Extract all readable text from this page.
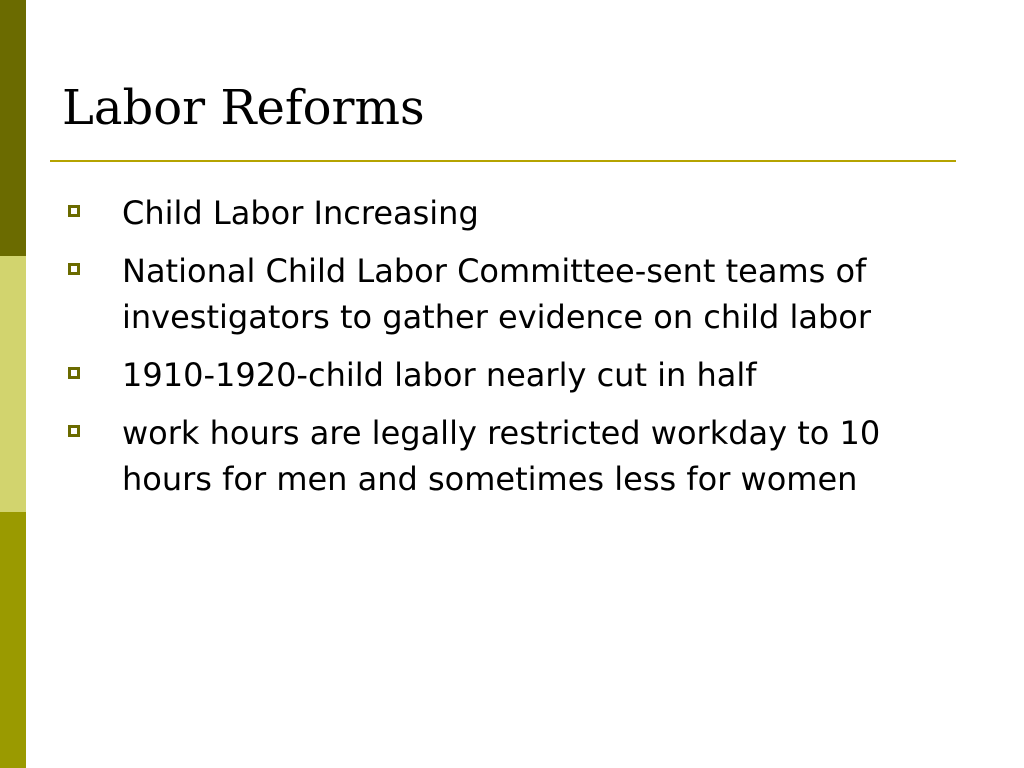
Labor Reforms
Child Labor Increasing
National Child Labor Committee-sent teams of investigators to gather evidence on child labor
1910-1920-child labor nearly cut in half
work hours are legally restricted workday to 10 hours for men and sometimes less for women
